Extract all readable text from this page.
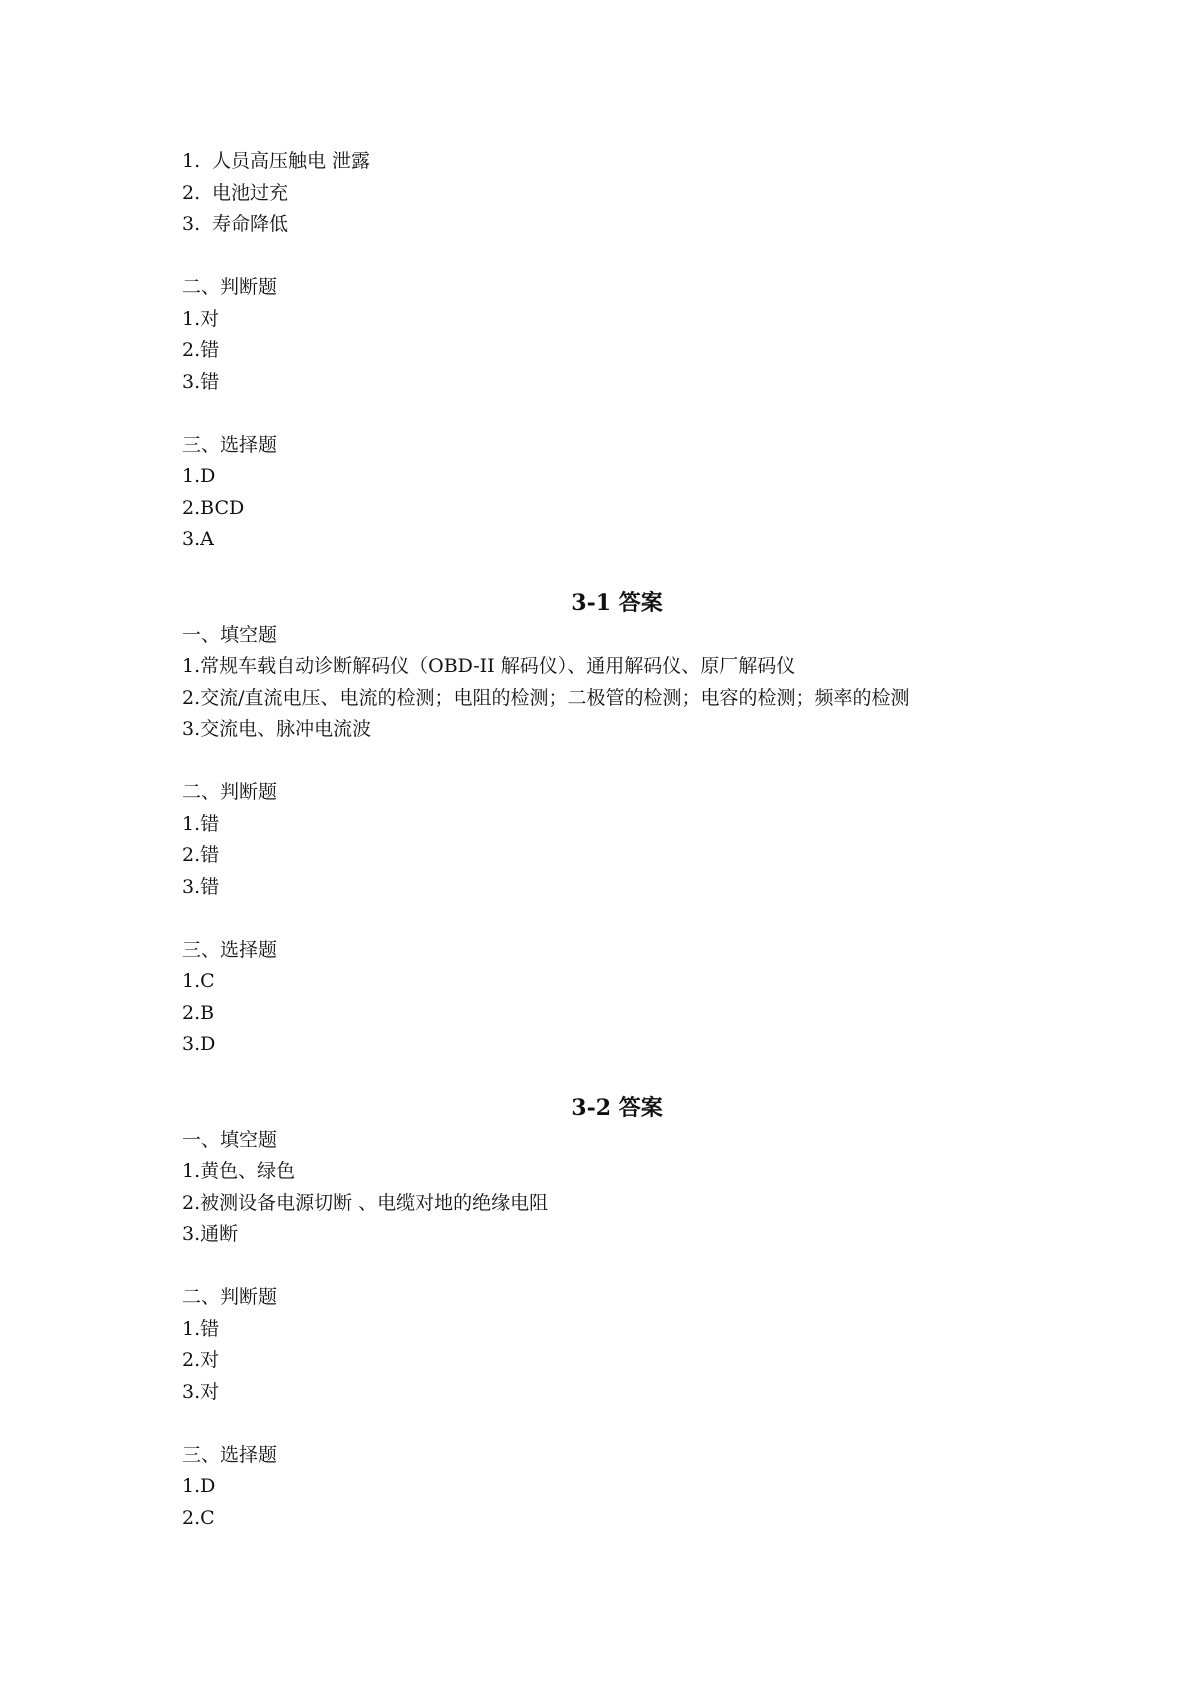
1. 人员高压触电 泄露
2. 电池过充
3. 寿命降低
二、判断题
1.对
2.错
3.错
三、选择题
1.D
2.BCD
3.A
3-1 答案
一、填空题
1.常规车载自动诊断解码仪（OBD-II 解码仪）、通用解码仪、原厂解码仪
2.交流/直流电压、电流的检测；电阻的检测；二极管的检测；电容的检测；频率的检测
3.交流电、脉冲电流波
二、判断题
1.错
2.错
3.错
三、选择题
1.C
2.B
3.D
3-2 答案
一、填空题
1.黄色、绿色
2.被测设备电源切断 、电缆对地的绝缘电阻
3.通断
二、判断题
1.错
2.对
3.对
三、选择题
1.D
2.C
